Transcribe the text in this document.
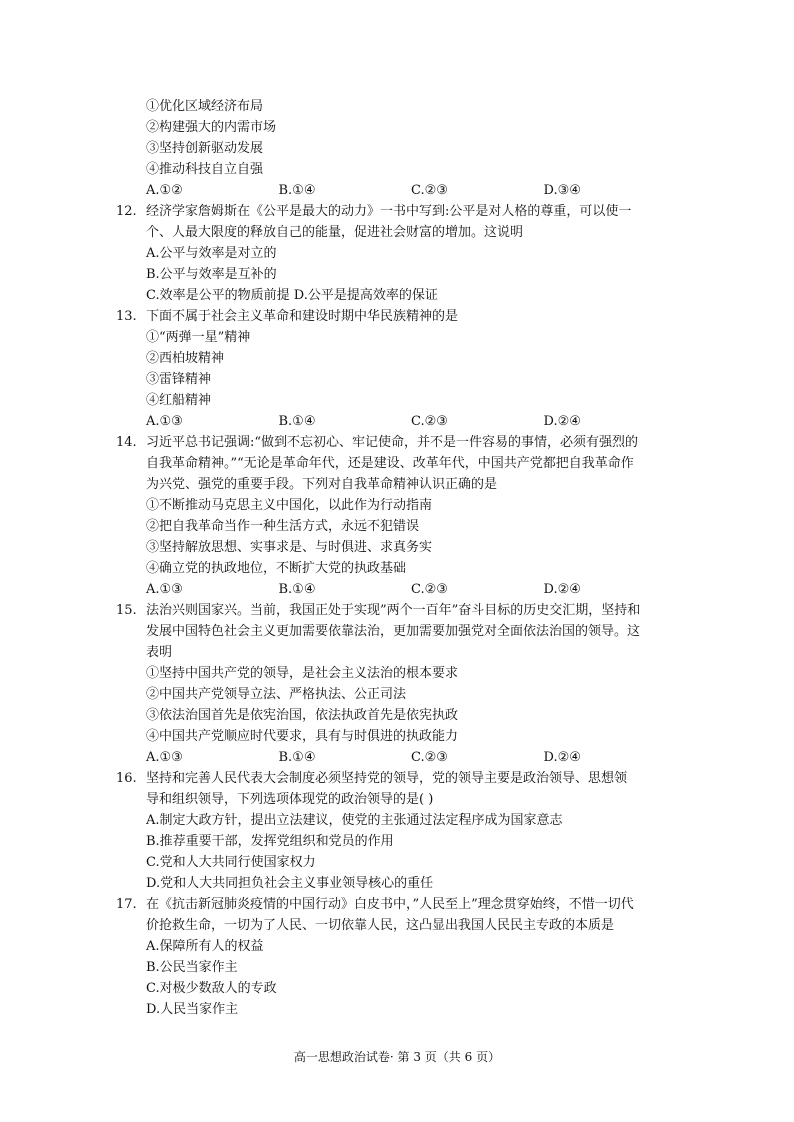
①优化区域经济布局
②构建强大的内需市场
③坚持创新驱动发展
④推动科技自立自强
A.①②	B.①④	C.②③	D.③④
12. 经济学家詹姆斯在《公平是最大的动力》一书中写到:公平是对人格的尊重，可以使一
个、人最大限度的释放自己的能量，促进社会财富的增加。这说明
A.公平与效率是对立的
B.公平与效率是互补的
C.效率是公平的物质前提 D.公平是提高效率的保证
13. 下面不属于社会主义革命和建设时期中华民族精神的是
①“两弹一星”精神
②西柏坡精神
③雷锋精神
④红船精神
A.①③	B.①④	C.②③	D.②④
14. 习近平总书记强调:“做到不忘初心、牢记使命，并不是一件容易的事情，必须有强烈的
自我革命精神。”“无论是革命年代，还是建设、改革年代，中国共产党都把自我革命作
为兴党、强党的重要手段。下列对自我革命精神认识正确的是
①不断推动马克思主义中国化，以此作为行动指南
②把自我革命当作一种生活方式，永远不犯错误
③坚持解放思想、实事求是、与时俱进、求真务实
④确立党的执政地位，不断扩大党的执政基础
A.①③	B.①④	C.②③	D.②④
15. 法治兴则国家兴。当前，我国正处于实现”两个一百年”奋斗目标的历史交汇期，坚持和
发展中国特色社会主义更加需要依靠法治，更加需要加强党对全面依法治国的领导。这
表明
①坚持中国共产党的领导，是社会主义法治的根本要求
②中国共产党领导立法、严格执法、公正司法
③依法治国首先是依宪治国，依法执政首先是依宪执政
④中国共产党顺应时代要求，具有与时俱进的执政能力
A.①③	B.①④	C.②③	D.②④
16. 坚持和完善人民代表大会制度必须坚持党的领导，党的领导主要是政治领导、思想领
导和组织领导，下列选项体现党的政治领导的是( )
A.制定大政方针，提出立法建议，使党的主张通过法定程序成为国家意志
B.推荐重要干部，发挥党组织和党员的作用
C.党和人大共同行使国家权力
D.党和人大共同担负社会主义事业领导核心的重任
17. 在《抗击新冠肺炎疫情的中国行动》白皮书中，”人民至上”理念贯穿始终，不惜一切代
价抢救生命，一切为了人民、一切依靠人民，这凸显出我国人民民主专政的本质是
A.保障所有人的权益
B.公民当家作主
C.对极少数敌人的专政
D.人民当家作主
高一思想政治试卷· 第 3 页（共 6 页）
